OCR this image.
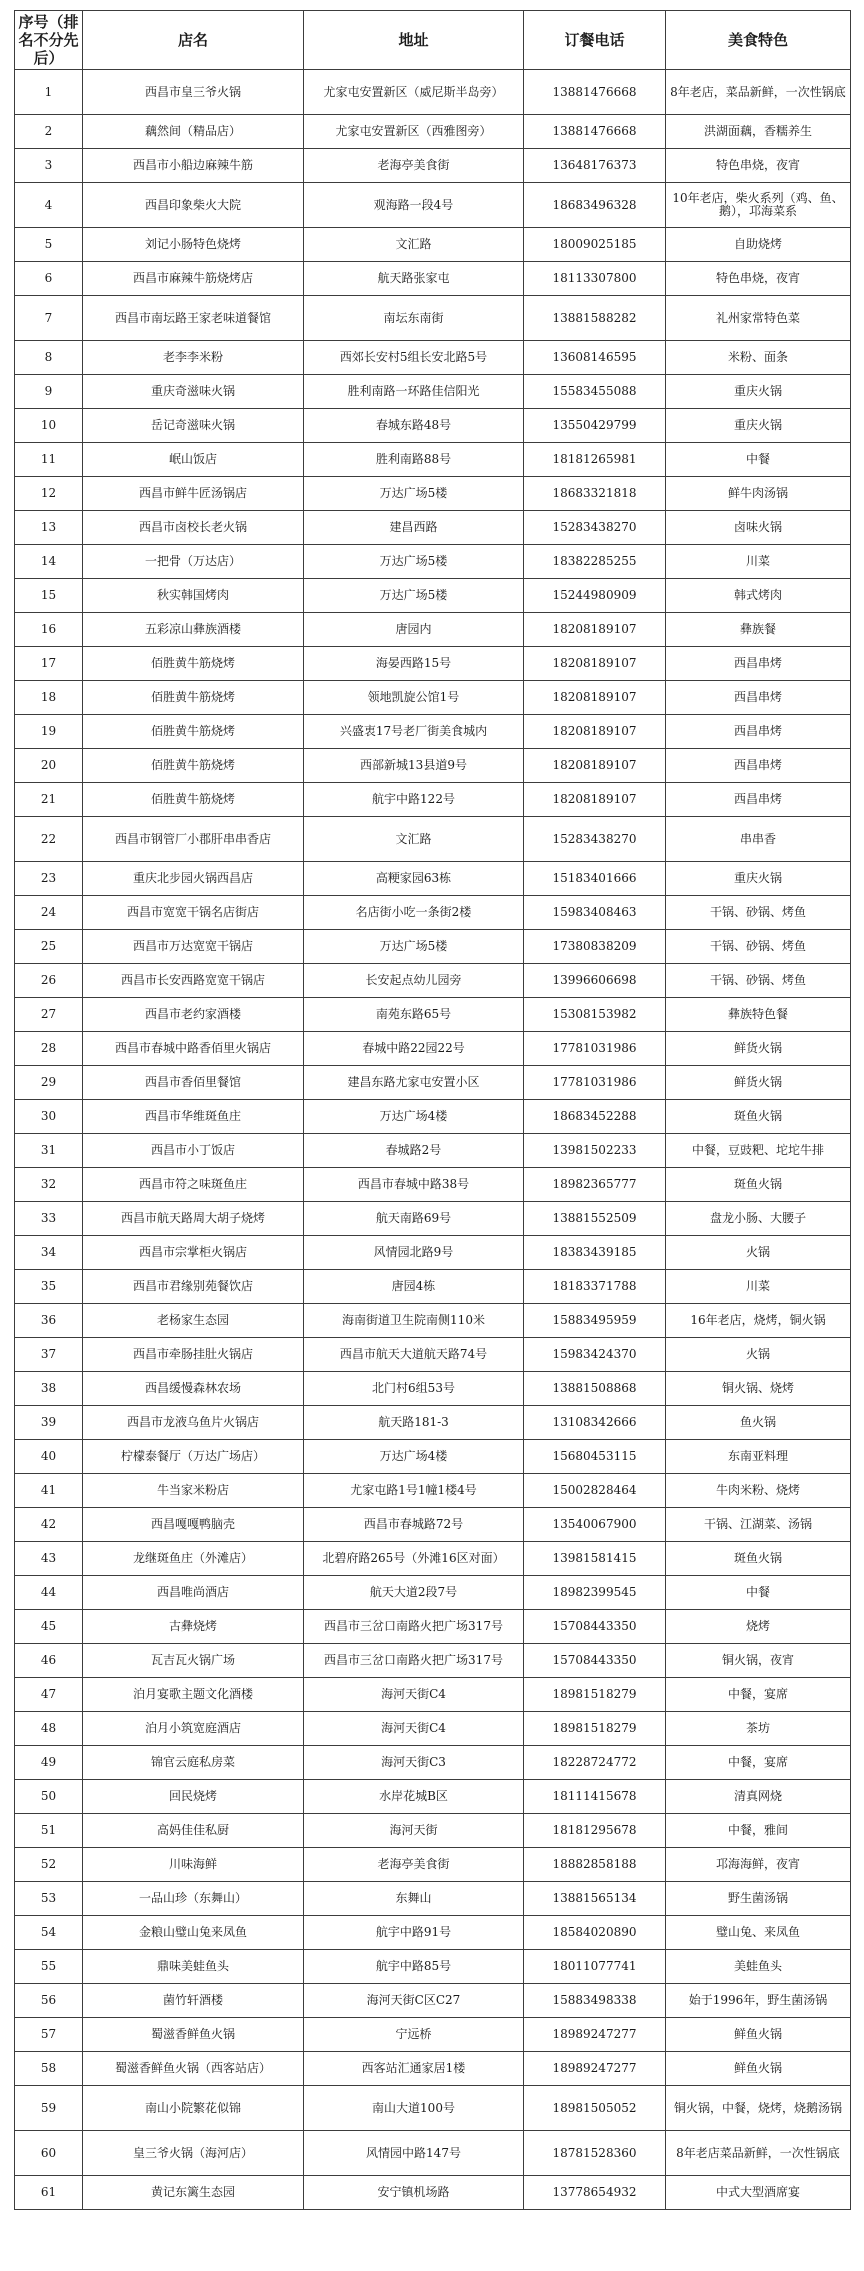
序号（排名不分先后）	店名	地址	订餐电话	美食特色
1	西昌市皇三爷火锅	尤家屯安置新区（威尼斯半岛旁）	13881476668	8年老店，菜品新鲜，一次性锅底
2	藕然间（精品店）	尤家屯安置新区（西雅图旁）	13881476668	洪湖面藕，香糯养生
3	西昌市小船边麻辣牛筋	老海亭美食街	13648176373	特色串烧，夜宵
4	西昌印象柴火大院	观海路一段4号	18683496328	10年老店，柴火系列（鸡、鱼、鹅），邛海菜系
5	刘记小肠特色烧烤	文汇路	18009025185	自助烧烤
6	西昌市麻辣牛筋烧烤店	航天路张家屯	18113307800	特色串烧，夜宵
7	西昌市南坛路王家老味道餐馆	南坛东南街	13881588282	礼州家常特色菜
8	老李李米粉	西郊长安村5组长安北路5号	13608146595	米粉、面条
9	重庆奇滋味火锅	胜利南路一环路佳信阳光	15583455088	重庆火锅
10	岳记奇滋味火锅	春城东路48号	13550429799	重庆火锅
11	岷山饭店	胜利南路88号	18181265981	中餐
12	西昌市鲜牛匠汤锅店	万达广场5楼	18683321818	鲜牛肉汤锅
13	西昌市卤校长老火锅	建昌西路	15283438270	卤味火锅
14	一把骨（万达店）	万达广场5楼	18382285255	川菜
15	秋实韩国烤肉	万达广场5楼	15244980909	韩式烤肉
16	五彩凉山彝族酒楼	唐园内	18208189107	彝族餐
17	佰胜黄牛筋烧烤	海晏西路15号	18208189107	西昌串烤
18	佰胜黄牛筋烧烤	领地凯旋公馆1号	18208189107	西昌串烤
19	佰胜黄牛筋烧烤	兴盛衷17号老厂街美食城内	18208189107	西昌串烤
20	佰胜黄牛筋烧烤	西部新城13县道9号	18208189107	西昌串烤
21	佰胜黄牛筋烧烤	航宇中路122号	18208189107	西昌串烤
22	西昌市钢管厂小郡肝串串香店	文汇路	15283438270	串串香
23	重庆北步园火锅西昌店	高粳家园63栋	15183401666	重庆火锅
24	西昌市宽宽干锅名店街店	名店街小吃一条街2楼	15983408463	干锅、砂锅、烤鱼
25	西昌市万达宽宽干锅店	万达广场5楼	17380838209	干锅、砂锅、烤鱼
26	西昌市长安西路宽宽干锅店	长安起点幼儿园旁	13996606698	干锅、砂锅、烤鱼
27	西昌市老约家酒楼	南苑东路65号	15308153982	彝族特色餐
28	西昌市春城中路香佰里火锅店	春城中路22园22号	17781031986	鲜货火锅
29	西昌市香佰里餐馆	建昌东路尤家屯安置小区	17781031986	鲜货火锅
30	西昌市华维斑鱼庄	万达广场4楼	18683452288	斑鱼火锅
31	西昌市小丁饭店	春城路2号	13981502233	中餐，豆豉粑、坨坨牛排
32	西昌市符之味斑鱼庄	西昌市春城中路38号	18982365777	斑鱼火锅
33	西昌市航天路周大胡子烧烤	航天南路69号	13881552509	盘龙小肠、大腰子
34	西昌市宗掌柜火锅店	风情园北路9号	18383439185	火锅
35	西昌市君缘别苑餐饮店	唐园4栋	18183371788	川菜
36	老杨家生态园	海南街道卫生院南侧110米	15883495959	16年老店，烧烤，铜火锅
37	西昌市牵肠挂肚火锅店	西昌市航天大道航天路74号	15983424370	火锅
38	西昌缓慢森林农场	北门村6组53号	13881508868	铜火锅、烧烤
39	西昌市龙液乌鱼片火锅店	航天路181-3	13108342666	鱼火锅
40	柠檬泰餐厅（万达广场店）	万达广场4楼	15680453115	东南亚料理
41	牛当家米粉店	尤家屯路1号1幢1楼4号	15002828464	牛肉米粉、烧烤
42	西昌嘎嘎鸭脑壳	西昌市春城路72号	13540067900	干锅、江湖菜、汤锅
43	龙继斑鱼庄（外滩店）	北碧府路265号（外滩16区对面）	13981581415	斑鱼火锅
44	西昌唯尚酒店	航天大道2段7号	18982399545	中餐
45	古彝烧烤	西昌市三岔口南路火把广场317号	15708443350	烧烤
46	瓦吉瓦火锅广场	西昌市三岔口南路火把广场317号	15708443350	铜火锅，夜宵
47	泊月宴歌主题文化酒楼	海河天街C4	18981518279	中餐，宴席
48	泊月小筑宽庭酒店	海河天街C4	18981518279	茶坊
49	锦官云庭私房菜	海河天街C3	18228724772	中餐，宴席
50	回民烧烤	水岸花城B区	18111415678	清真网烧
51	高妈佳佳私厨	海河天街	18181295678	中餐，雅间
52	川味海鲜	老海亭美食街	18882858188	邛海海鲜，夜宵
53	一品山珍（东舞山）	东舞山	13881565134	野生菌汤锅
54	金粮山璧山兔来凤鱼	航宇中路91号	18584020890	璧山兔、来凤鱼
55	鼎味美蛙鱼头	航宇中路85号	18011077741	美蛙鱼头
56	菌竹轩酒楼	海河天街C区C27	15883498338	始于1996年，野生菌汤锅
57	蜀滋香鲜鱼火锅	宁远桥	18989247277	鲜鱼火锅
58	蜀滋香鲜鱼火锅（西客站店）	西客站汇通家居1楼	18989247277	鲜鱼火锅
59	南山小院繁花似锦	南山大道100号	18981505052	铜火锅，中餐，烧烤，烧鹅汤锅
60	皇三爷火锅（海河店）	风情园中路147号	18781528360	8年老店菜品新鲜，一次性锅底
61	黄记东篱生态园	安宁镇机场路	13778654932	中式大型酒席宴
